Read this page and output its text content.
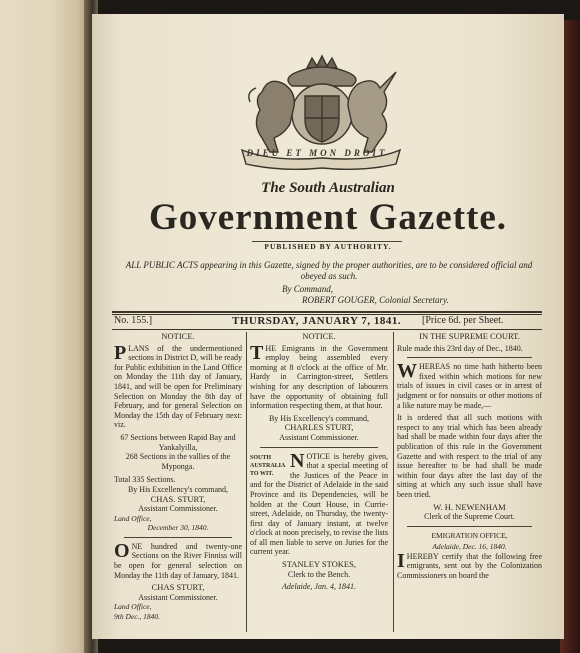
DIEU ET MON DROIT
The South Australian
Government Gazette.
PUBLISHED BY AUTHORITY.
ALL PUBLIC ACTS appearing in this Gazette, signed by the proper authorities, are to be considered official and obeyed as such.
By Command,
ROBERT GOUGER, Colonial Secretary.
No. 155.]	THURSDAY, JANUARY 7, 1841. [Price 6d. per Sheet.
NOTICE.

PLANS of the undermentioned sections in District D, will be ready for Public exhibition in the Land Office on Monday the 11th day of January, 1841, and will be open for Preliminary Selection on Monday the 8th day of February, and for general Selection on Monday the 15th day of February next: viz.

67 Sections between Rapid Bay and Yankalyilla,
268 Sections in the vallies of the Myponga.
Total 335 Sections.
By His Excellency's command,
CHAS. STURT,
Assistant Commissioner.
Land Office,
December 30, 1840.

ONE hundred and twenty-one Sections on the River Finniss will be open for general selection on Monday the 11th day of January, 1841.

CHAS STURT,
Assistant Commissioner.
Land Office,
9th Dec., 1840.
NOTICE.

THE Emigrants in the Government employ being assembled every morning at 8 o'clock at the office of Mr. Hardy in Carrington-street, Settlers wishing for any description of labourers have the opportunity of obtaining full information respecting them, at that hour.

By His Excellency's command,
CHARLES STURT,
Assistant Commissioner.
SOUTH AUSTRALIA TO WIT.

NOTICE is hereby given, that a special meeting of the Justices of the Peace in and for the District of Adelaide in the said Province and its Dependencies, will be holden at the Court House, in Currie-street, Adelaide, on Thursday, the twenty-first day of January instant, at twelve o'clock at noon precisely, to revise the lists of all men liable to serve on Juries for the current year.

STANLEY STOKES,
Clerk to the Bench.
Adelaide, Jan. 4, 1841.
IN THE SUPREME COURT.
Rule made this 23rd day of Dec., 1840.

WHEREAS no time hath hitherto been fixed within which motions for new trials of issues in civil cases or in arrest of judgment or for nonsuits or other motions of a like nature may be made,—

It is ordered that all such motions with respect to any trial which has been already had shall be made within four days after the publication of this rule in the Government Gazette and with respect to the trial of any issue hereafter to be had shall be made within four days after the last day of the sitting at which any such issue shall have been tried.

W. H. NEWENHAM
Clerk of the Supreme Court.
EMIGRATION OFFICE,
Adelaide, Dec. 16, 1840.

IHEREBY certify that the following free emigrants, sent out by the Colonization Commissioners on board the
